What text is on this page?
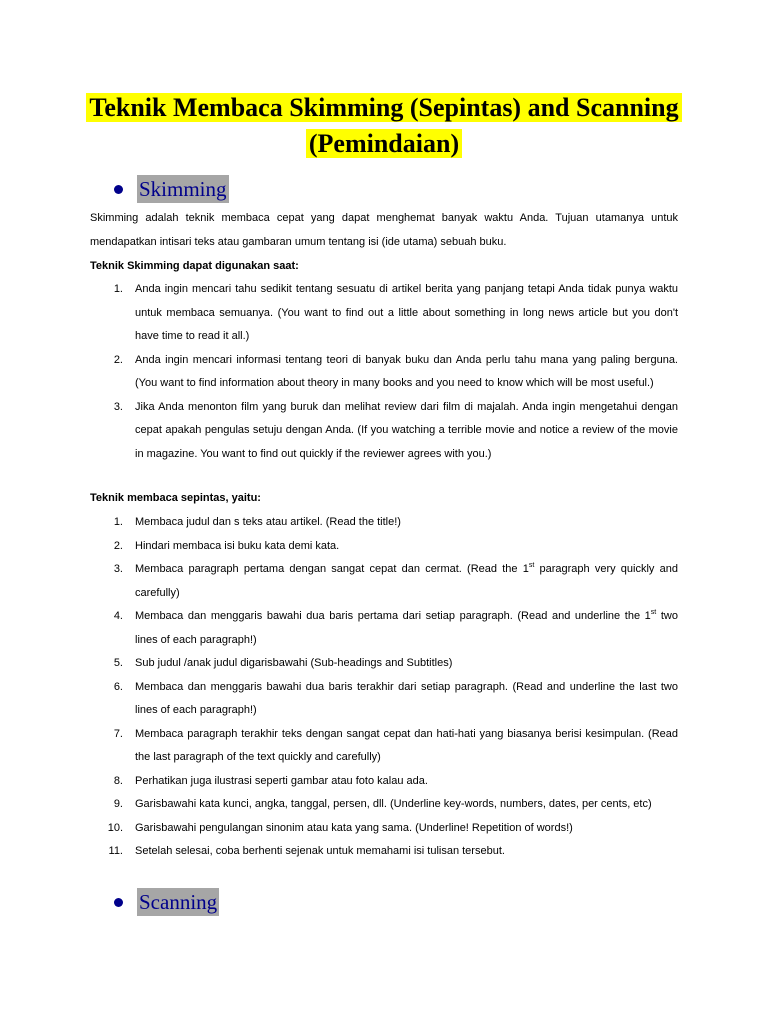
Teknik Membaca Skimming (Sepintas) and Scanning
(Pemindaian)
Skimming
Skimming adalah teknik membaca cepat yang dapat menghemat banyak waktu Anda. Tujuan utamanya untuk mendapatkan intisari teks atau gambaran umum tentang isi (ide utama) sebuah buku.
Teknik Skimming dapat digunakan saat:
1. Anda ingin mencari tahu sedikit tentang sesuatu di artikel berita yang panjang tetapi Anda tidak punya waktu untuk membaca semuanya. (You want to find out a little about something in long news article but you don't have time to read it all.)
2. Anda ingin mencari informasi tentang teori di banyak buku dan Anda perlu tahu mana yang paling berguna. (You want to find information about theory in many books and you need to know which will be most useful.)
3. Jika Anda menonton film yang buruk dan melihat review dari film di majalah. Anda ingin mengetahui dengan cepat apakah pengulas setuju dengan Anda. (If you watching a terrible movie and notice a review of the movie in magazine. You want to find out quickly if the reviewer agrees with you.)
Teknik membaca sepintas, yaitu:
1. Membaca judul dan s teks atau artikel. (Read the title!)
2. Hindari membaca isi buku kata demi kata.
3. Membaca paragraph pertama dengan sangat cepat dan cermat. (Read the 1st paragraph very quickly and carefully)
4. Membaca dan menggaris bawahi dua baris pertama dari setiap paragraph. (Read and underline the 1st two lines of each paragraph!)
5. Sub judul /anak judul digarisbawahi (Sub-headings and Subtitles)
6. Membaca dan menggaris bawahi dua baris terakhir dari setiap paragraph. (Read and underline the last two lines of each paragraph!)
7. Membaca paragraph terakhir teks dengan sangat cepat dan hati-hati yang biasanya berisi kesimpulan. (Read the last paragraph of the text quickly and carefully)
8. Perhatikan juga ilustrasi seperti gambar atau foto kalau ada.
9. Garisbawahi kata kunci, angka, tanggal, persen, dll. (Underline key-words, numbers, dates, per cents, etc)
10. Garisbawahi pengulangan sinonim atau kata yang sama. (Underline! Repetition of words!)
11. Setelah selesai, coba berhenti sejenak untuk memahami isi tulisan tersebut.
Scanning
